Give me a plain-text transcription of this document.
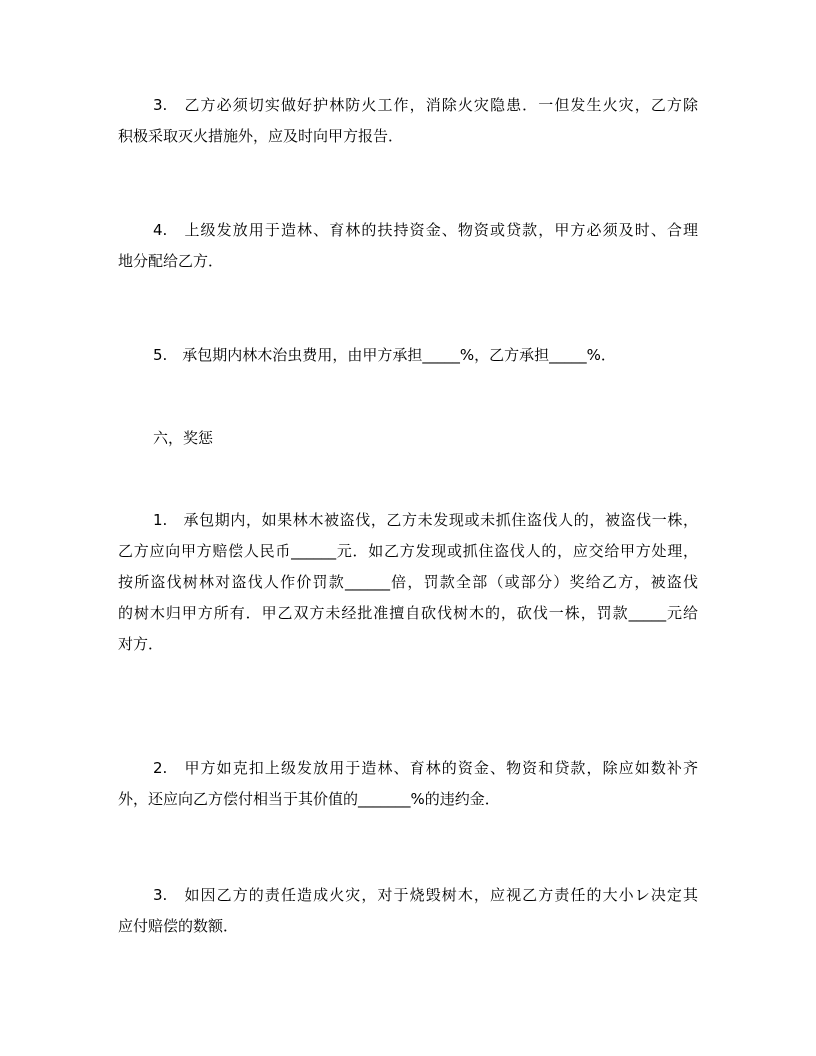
3.　乙方必须切实做好护林防火工作，消除火灾隐患．一但发生火灾，乙方除
积极采取灭火措施外，应及时向甲方报告．
4.　上级发放用于造林、育林的扶持资金、物资或贷款，甲方必须及时、合理
地分配给乙方．
5.　承包期内林木治虫费用，由甲方承担_____%，乙方承担_____%．
六，奖惩
1.　承包期内，如果林木被盗伐，乙方未发现或未抓住盗伐人的，被盗伐一株，
乙方应向甲方赔偿人民币______元．如乙方发现或抓住盗伐人的，应交给甲方处理，
按所盗伐树林对盗伐人作价罚款______倍，罚款全部（或部分）奖给乙方，被盗伐
的树木归甲方所有．甲乙双方未经批准擅自砍伐树木的，砍伐一株，罚款_____元给
对方．
2.　甲方如克扣上级发放用于造林、育林的资金、物资和贷款，除应如数补齐
外，还应向乙方偿付相当于其价值的_______%的违约金．
3.　如因乙方的责任造成火灾，对于烧毁树木，应视乙方责任的大小㆑决定其
应付赔偿的数额．
